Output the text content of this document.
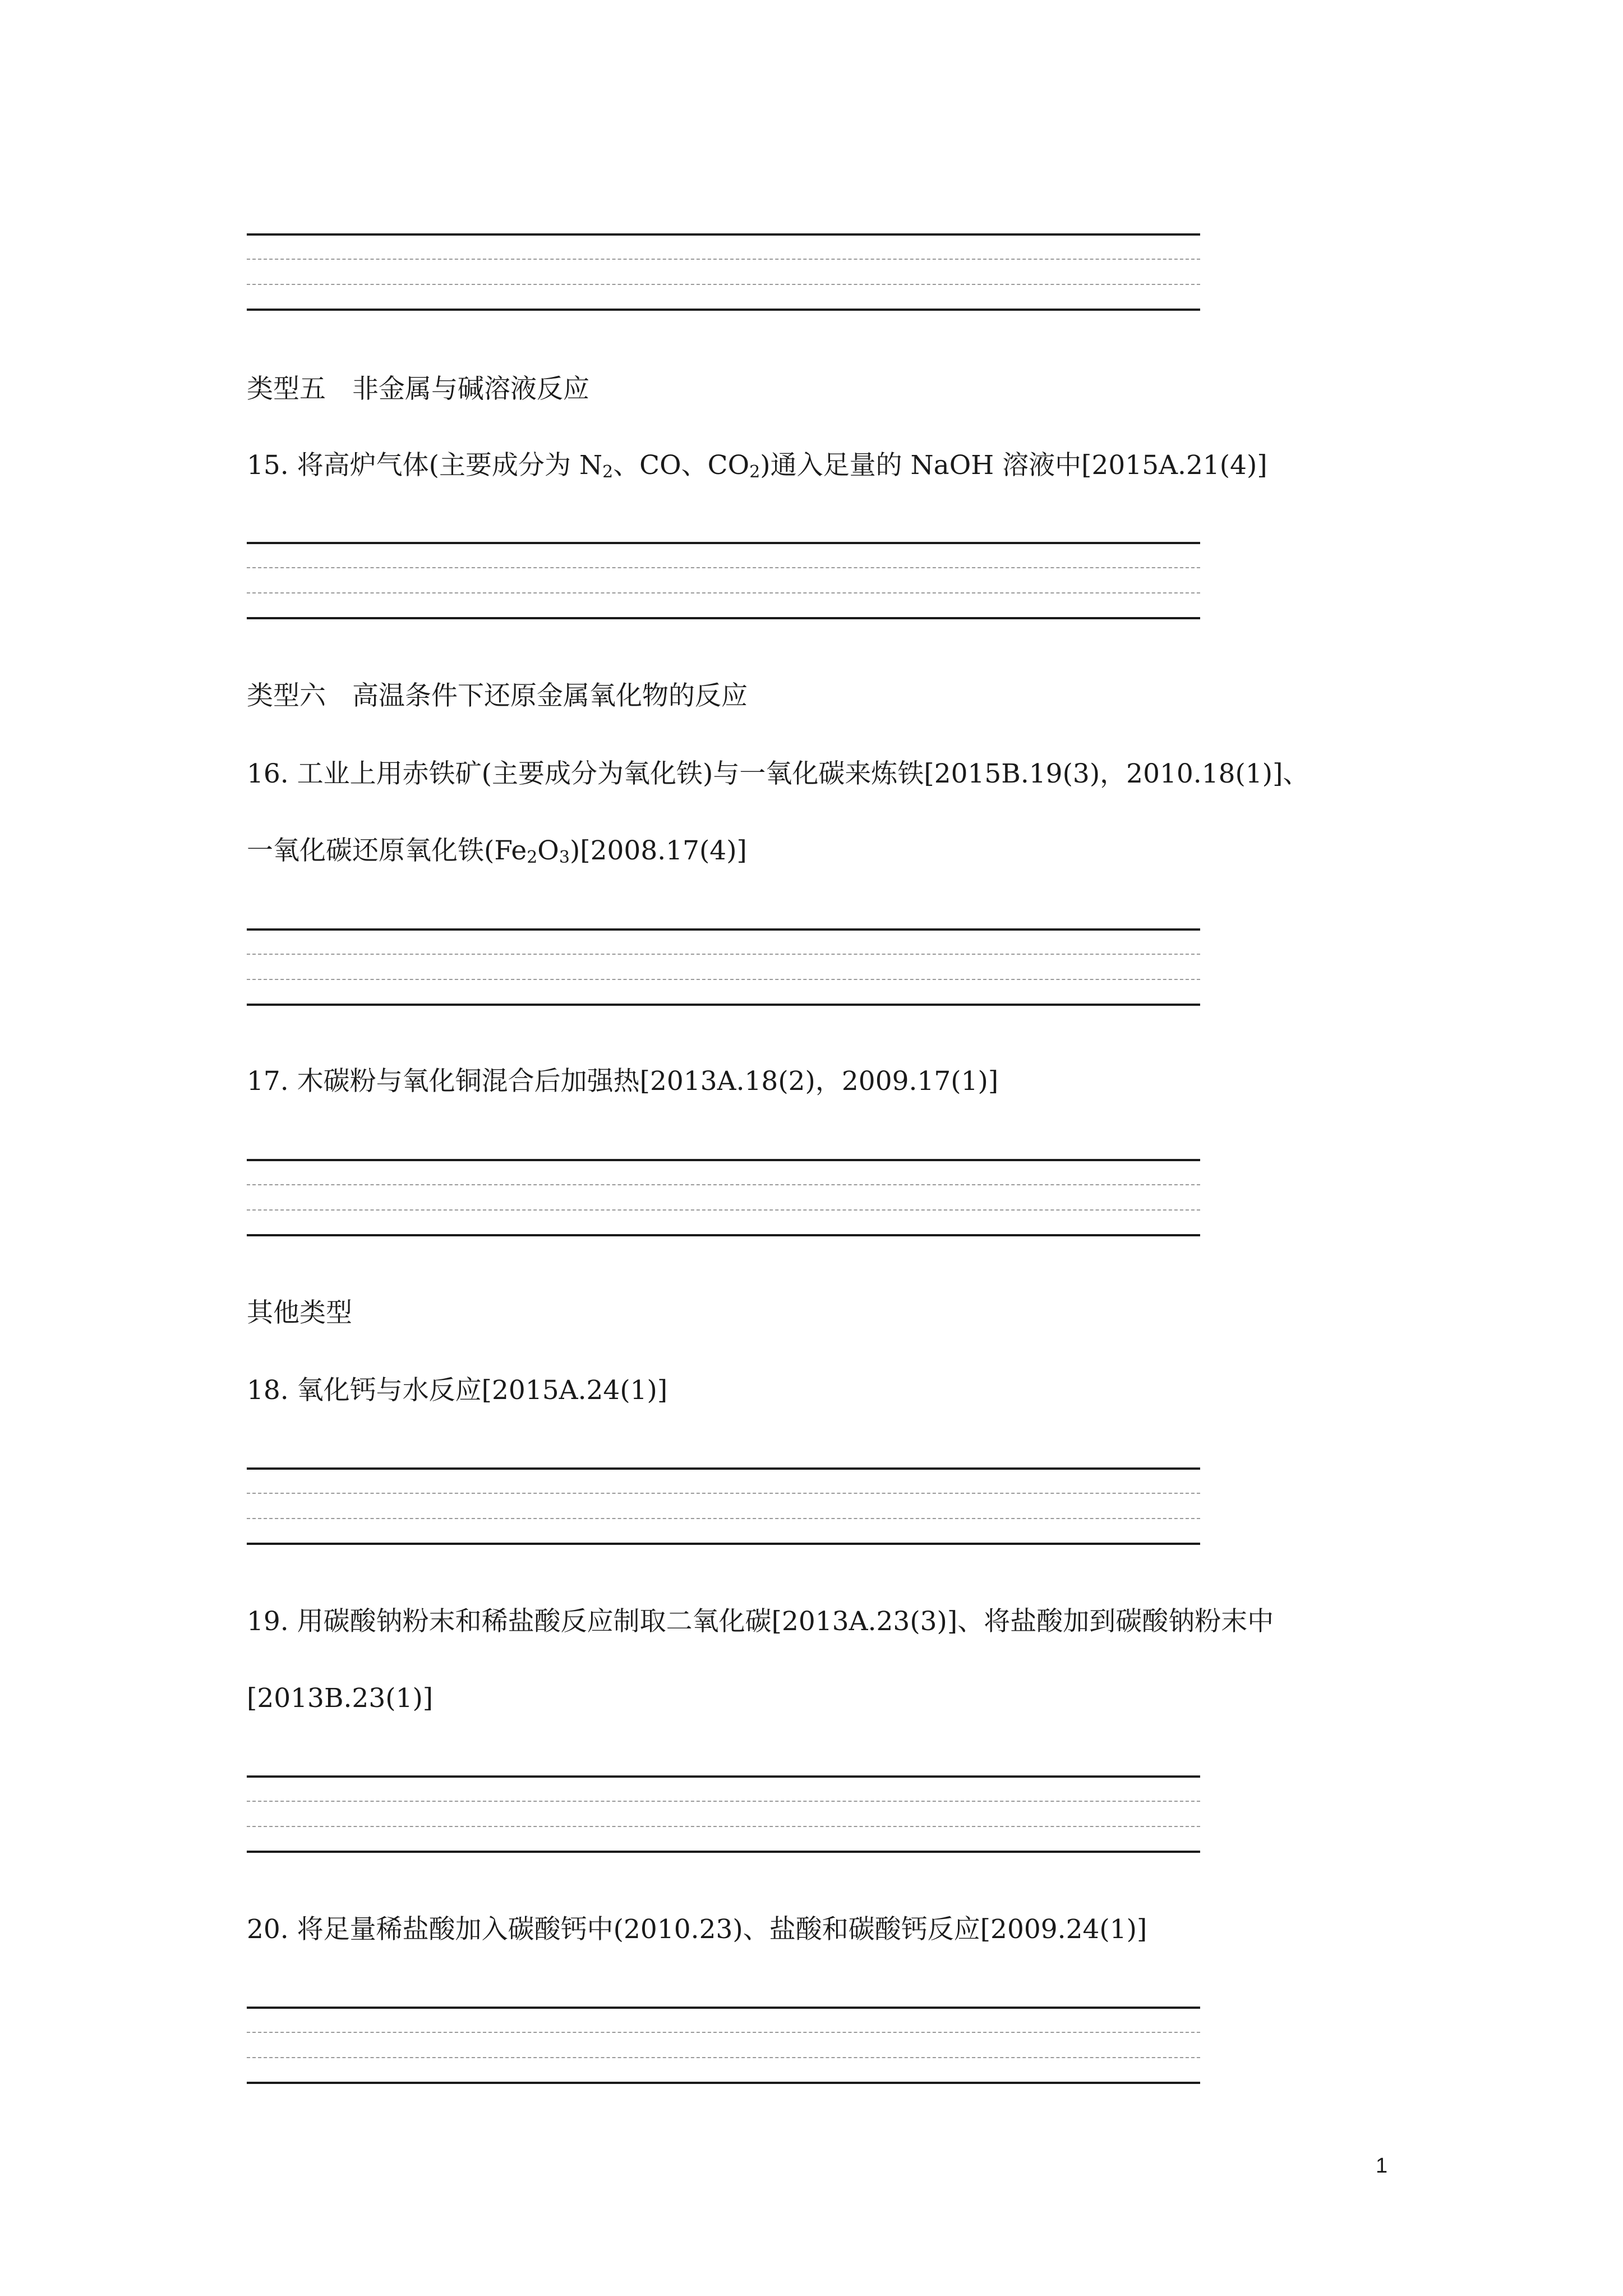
类型五　非金属与碱溶液反应
15. 将高炉气体(主要成分为 $N_2$、CO、$CO_2$)通入足量的 NaOH 溶液中[2015A.21(4)]
类型六　高温条件下还原金属氧化物的反应
16. 工业上用赤铁矿(主要成分为氧化铁)与一氧化碳来炼铁[2015B.19(3)，2010.18(1)]、
一氧化碳还原氧化铁$(Fe_2O_3)[2008.17(4)]$
17. 木碳粉与氧化铜混合后加强热[2013A.18(2)，2009.17(1)]
其他类型
18. 氧化钙与水反应[2015A.24(1)]
19. 用碳酸钠粉末和稀盐酸反应制取二氧化碳[2013A.23(3)]、将盐酸加到碳酸钠粉末中
[2013B.23(1)]
20. 将足量稀盐酸加入碳酸钙中(2010.23)、盐酸和碳酸钙反应[2009.24(1)]
1
